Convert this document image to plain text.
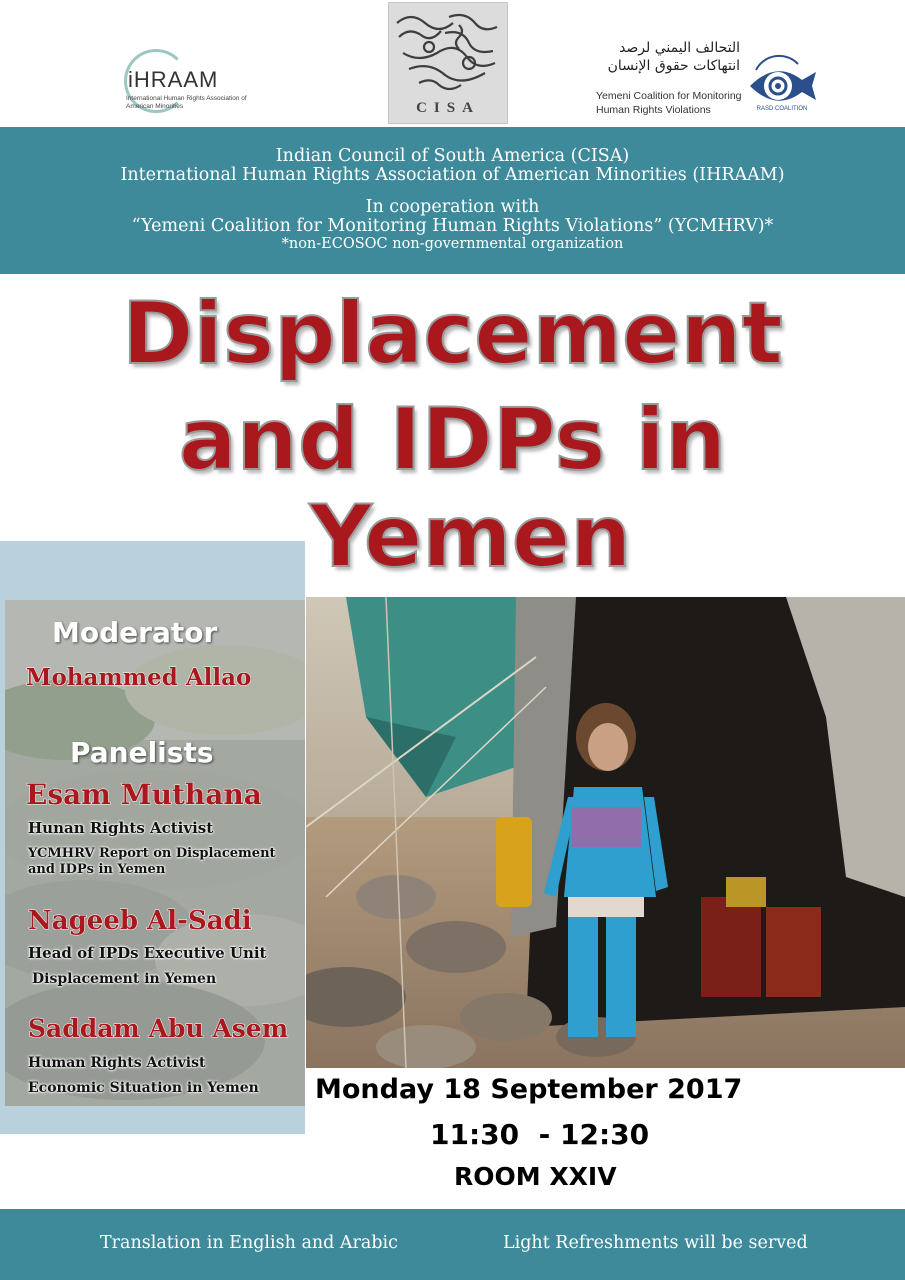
iHRAAM
International Human Rights Association of American Minorities	CISA
التحالف اليمني لرصد
انتهاكات حقوق الإنسان
Yemeni Coalition for Monitoring
Human Rights Violations	RASD COALITION
Indian Council of South America (CISA)
International Human Rights Association of American Minorities (IHRAAM)
In cooperation with
“Yemeni Coalition for Monitoring Human Rights Violations” (YCMHRV)*
*non-ECOSOC non-governmental organization
Displacement
and IDPs in
Yemen
Moderator
Mohammed Allao
Panelists
Esam Muthana
Hunan Rights Activist
YCMHRV Report on Displacement
and IDPs in Yemen
Nageeb Al-Sadi
Head of IPDs Executive Unit
Displacement in Yemen
Saddam Abu Asem
Human Rights Activist
Economic Situation in Yemen Monday 18 September 2017
11:30  - 12:30
ROOM XXIV
Translation in English and Arabic	Light Refreshments will be served
